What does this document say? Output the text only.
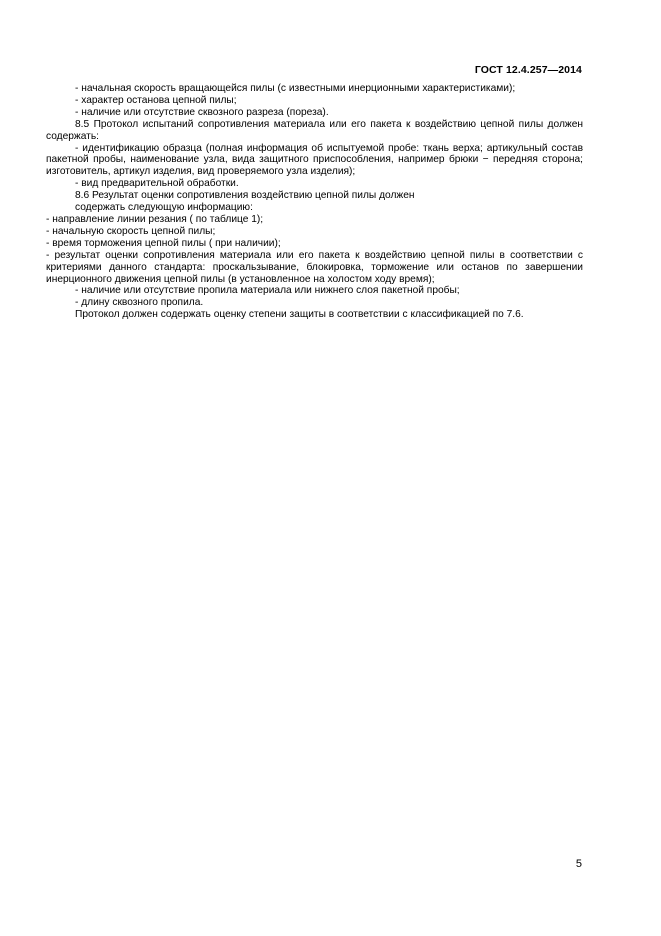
ГОСТ 12.4.257—2014

- начальная скорость вращающейся пилы (с известными инерционными характеристиками);

- характер останова цепной пилы;

- наличие или отсутствие сквозного разреза (пореза).

8.5 Протокол испытаний сопротивления материала или его пакета к воздействию цепной пилы должен содержать:

- идентификацию образца (полная информация об испытуемой пробе: ткань верха; артикульный состав пакетной пробы, наименование узла, вида защитного приспособления, например брюки − передняя сторона; изготовитель, артикул изделия, вид проверяемого узла изделия);

- вид предварительной обработки.

8.6 Результат оценки сопротивления воздействию цепной пилы должен

содержать следующую информацию:

- направление линии резания ( по таблице 1);

- начальную скорость цепной пилы;

- время торможения цепной пилы ( при наличии);

- результат оценки сопротивления материала или его пакета к воздействию цепной пилы в соответствии с критериями данного стандарта: проскальзывание, блокировка, торможение или останов по завершении инерционного движения цепной пилы (в установленное на холостом ходу время);

- наличие или отсутствие пропила материала или нижнего слоя пакетной пробы;

- длину сквозного пропила.

Протокол должен содержать оценку степени защиты в соответствии с классификацией по 7.6.

5
